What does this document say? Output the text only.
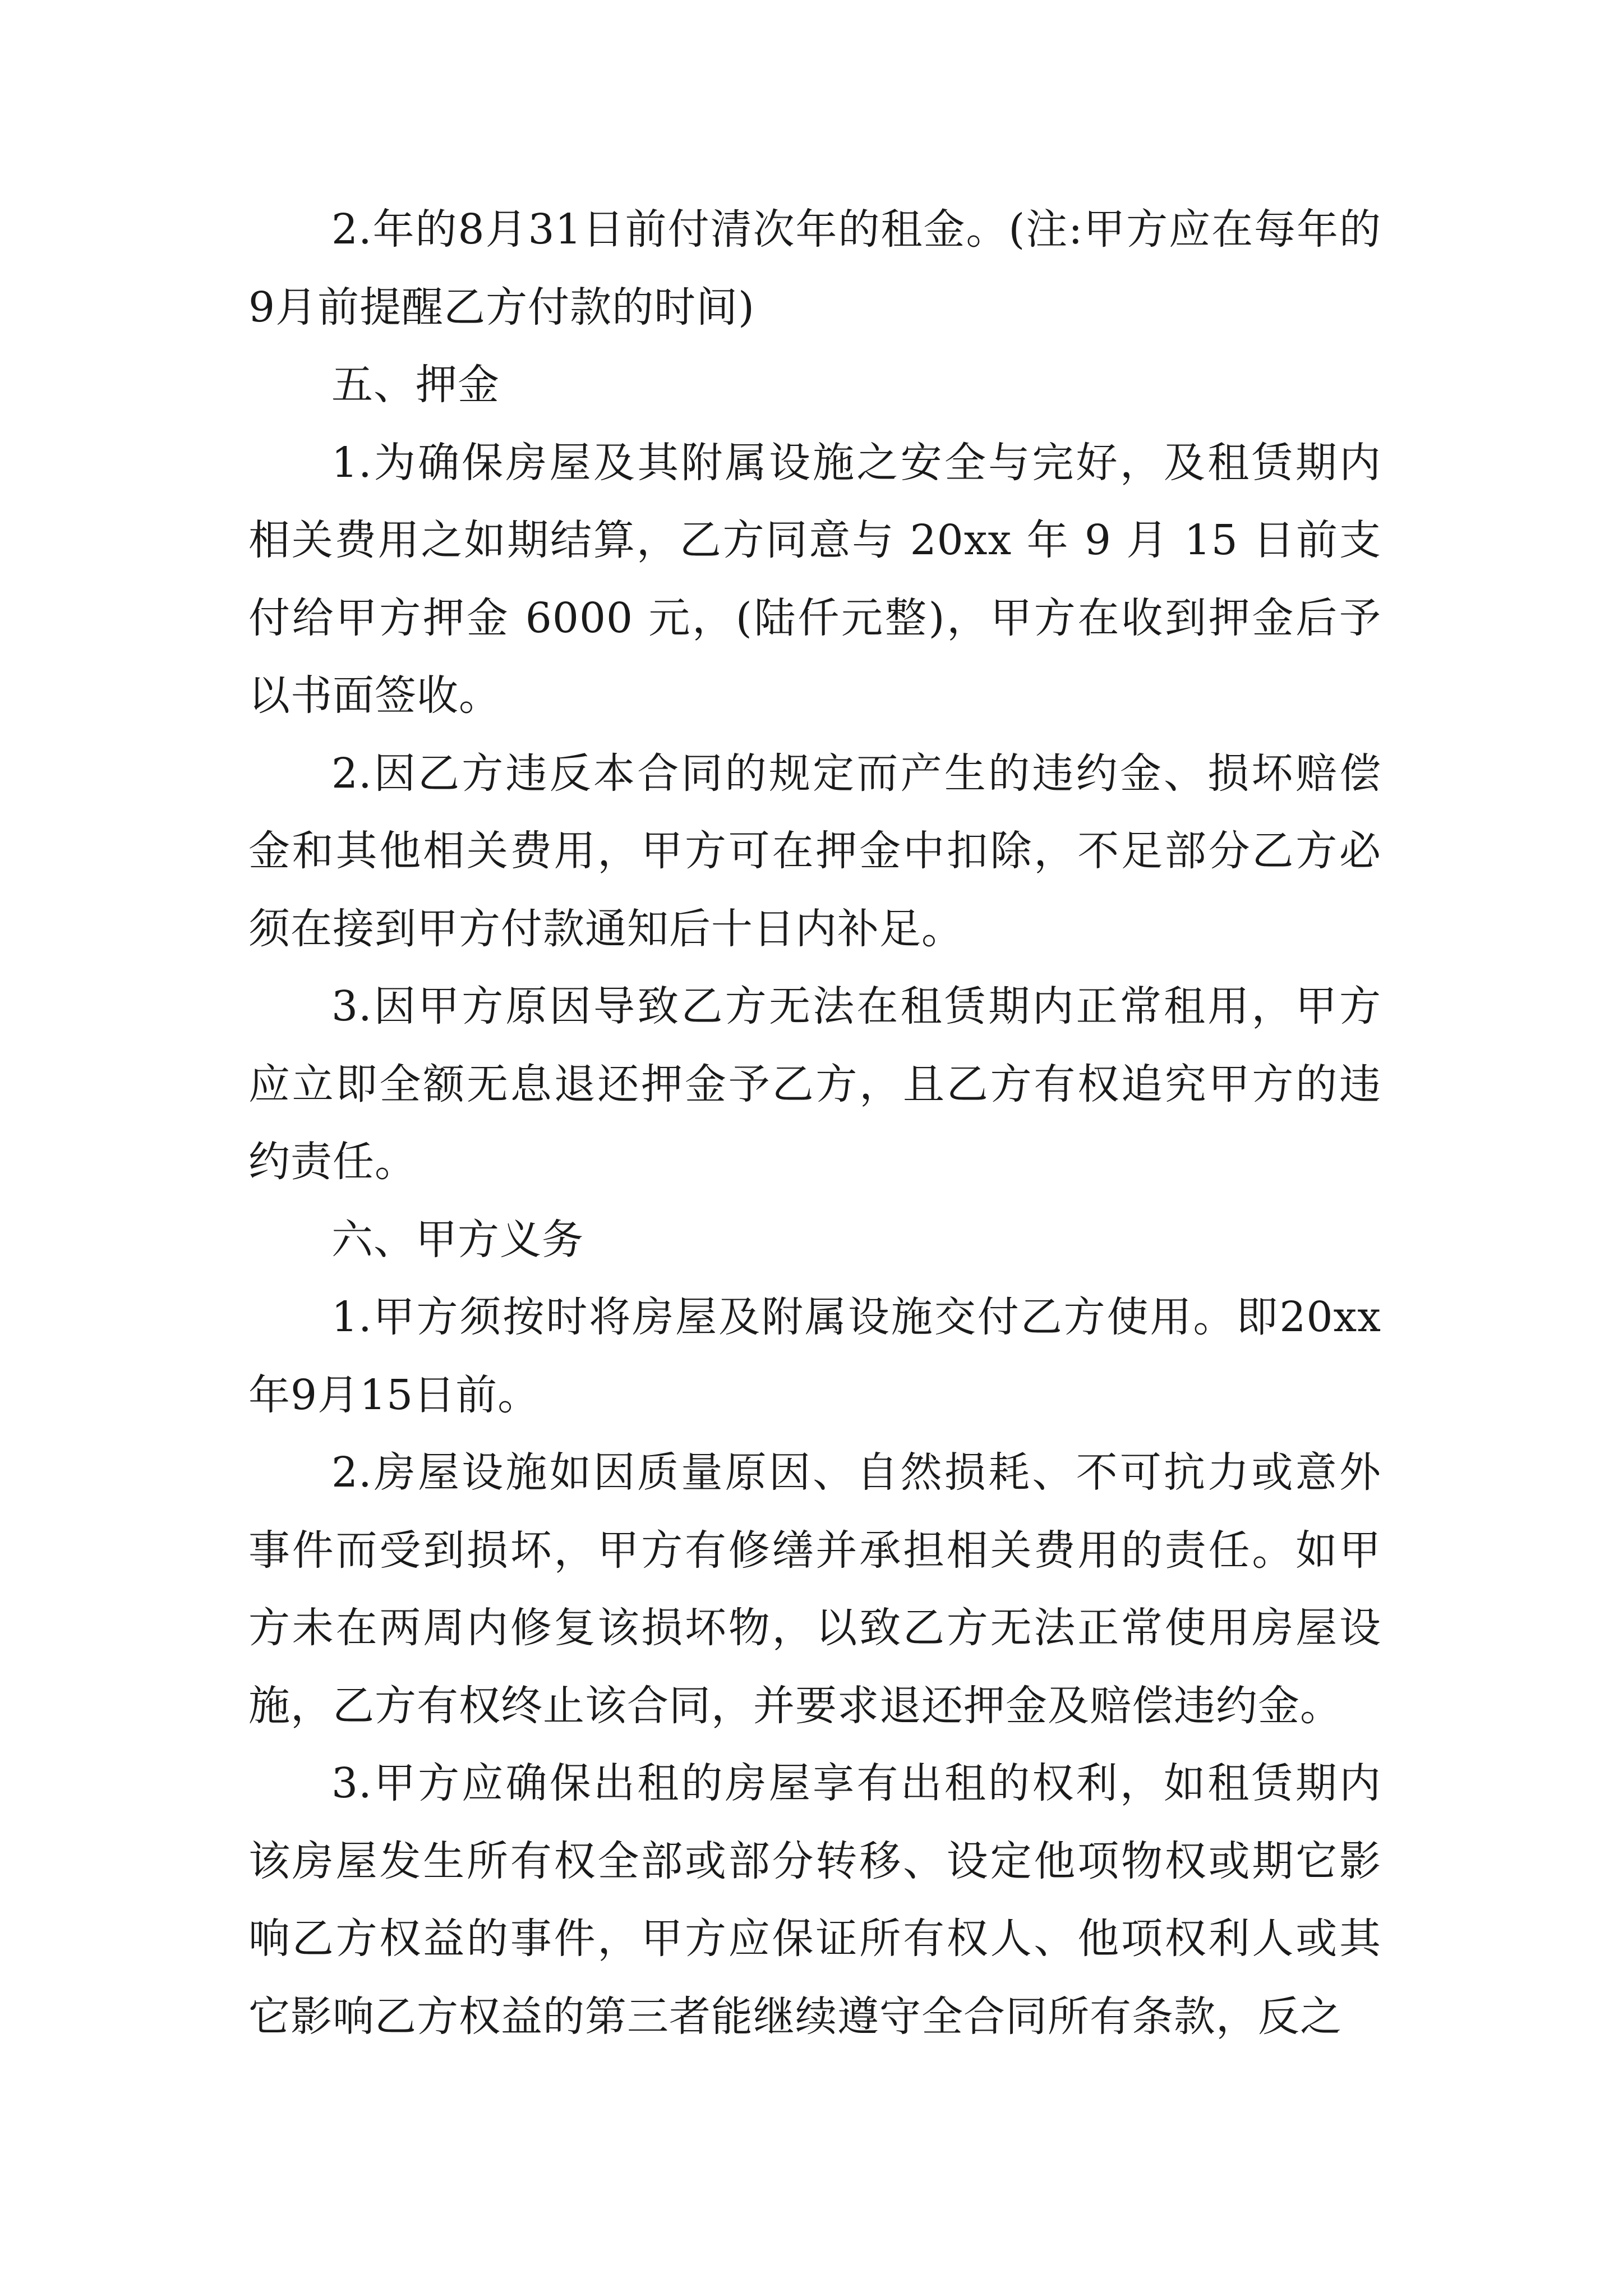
2.年的8月31日前付清次年的租金。(注:甲方应在每年的9月前提醒乙方付款的时间)

五、押金

1.为确保房屋及其附属设施之安全与完好，及租赁期内相关费用之如期结算，乙方同意与 20xx 年 9 月 15 日前支付给甲方押金 6000 元，(陆仟元整)，甲方在收到押金后予以书面签收。

2.因乙方违反本合同的规定而产生的违约金、损坏赔偿金和其他相关费用，甲方可在押金中扣除，不足部分乙方必须在接到甲方付款通知后十日内补足。

3.因甲方原因导致乙方无法在租赁期内正常租用，甲方应立即全额无息退还押金予乙方，且乙方有权追究甲方的违约责任。

六、甲方义务

1.甲方须按时将房屋及附属设施交付乙方使用。即20xx年9月15日前。

2.房屋设施如因质量原因、自然损耗、不可抗力或意外事件而受到损坏，甲方有修缮并承担相关费用的责任。如甲方未在两周内修复该损坏物，以致乙方无法正常使用房屋设施，乙方有权终止该合同，并要求退还押金及赔偿违约金。

3.甲方应确保出租的房屋享有出租的权利，如租赁期内该房屋发生所有权全部或部分转移、设定他项物权或期它影响乙方权益的事件，甲方应保证所有权人、他项权利人或其它影响乙方权益的第三者能继续遵守全合同所有条款，反之
